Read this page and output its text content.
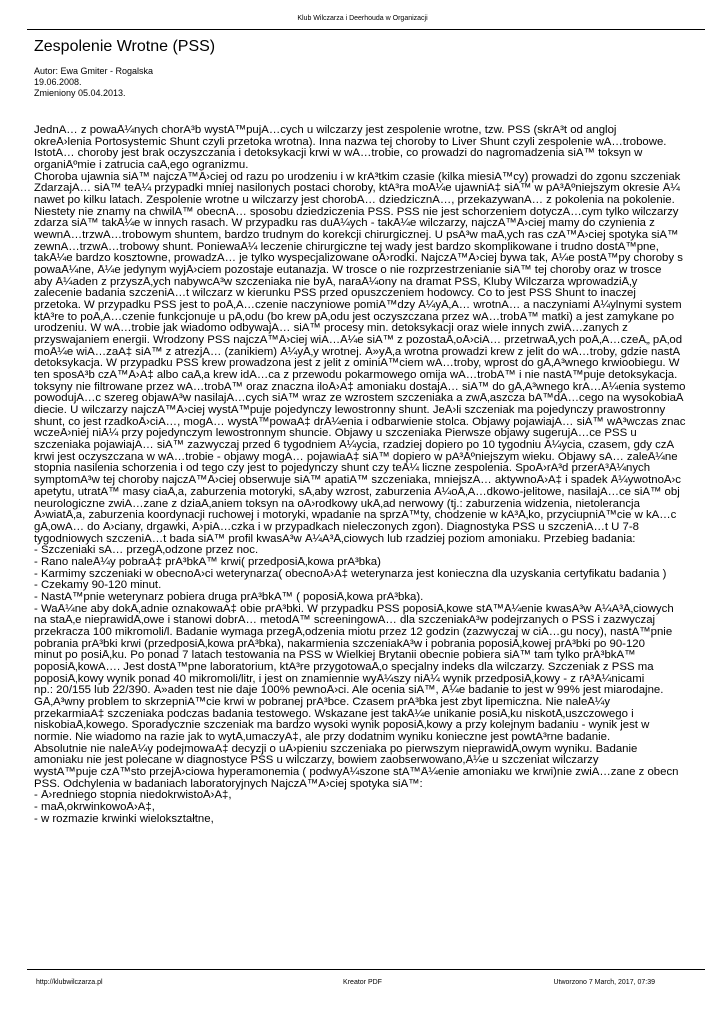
Klub Wilczarza i Deerhouda w Organizacji
Zespolenie Wrotne (PSS)
Autor: Ewa Gmiter - Rogalska
19.06.2008.
Zmieniony 05.04.2013.
JednÄ… z powaÅ¼nych chorÃ³b wystÄ™pujÄ…cych u wilczarzy jest zespolenie wrotne, tzw. PSS (skrÃ³t od angloj
okreÅ›lenia Portosystemic Shunt czyli przetoka wrotna). Inna nazwa tej choroby to Liver Shunt czyli zespolenie wÄ…trobowe.
IstotÄ… choroby jest brak oczyszczania i detoksykacji krwi w wÄ…trobie, co prowadzi do nagromadzenia siÄ™ toksyn w
organiÅºmie i zatrucia caÅ‚ego ogranizmu.
Choroba ujawnia siÄ™ najczÄ™Å›ciej od razu po urodzeniu i w krÃ³tkim czasie (kilka miesiÄ™cy) prowadzi do zgonu szczeniak
ZdarzajÄ… siÄ™ teÅ¼ przypadki mniej nasilonych postaci choroby, ktÃ³ra moÅ¼e ujawniÄ‡ siÄ™ w pÃ³Åºniejszym okresie Å¼
nawet po kilku latach. Zespolenie wrotne u wilczarzy jest chorobÄ… dziedzicznÄ…, przekazywanÄ… z pokolenia na pokolenie.
Niestety nie znamy na chwilÄ™ obecnÄ… sposobu dziedziczenia PSS. PSS nie jest schorzeniem dotyczÄ…cym tylko wilczarzy
zdarza siÄ™ takÅ¼e w innych rasach. W przypadku ras duÅ¼ych - takÅ¼e wilczarzy, najczÄ™Å›ciej mamy do czynienia z
wewnÄ…trzwÄ…trobowym shuntem, bardzo trudnym do korekcji chirurgicznej. U psÃ³w maÅ‚ych ras czÄ™Å›ciej spotyka siÄ™
zewnÄ…trzwÄ…trobowy shunt. PoniewaÅ¼ leczenie chirurgiczne tej wady jest bardzo skomplikowane i trudno dostÄ™pne,
takÅ¼e bardzo kosztowne, prowadzÄ… je tylko wyspecjalizowane oÅ›rodki. NajczÄ™Å›ciej bywa tak, Å¼e postÄ™py choroby s
powaÅ¼ne, Å¼e jedynym wyjÅ›ciem pozostaje eutanazja. W trosce o nie rozprzestrzenianie siÄ™ tej choroby oraz w trosce
aby Å¼aden z przyszÅ‚ych nabywcÃ³w szczeniaka nie byÅ‚ naraÅ¼ony na dramat PSS, Kluby Wilczarza wprowadziÅ‚y
zalecenie badania szczeniÄ…t wilczarz w kierunku PSS przed opuszczeniem hodowcy. Co to jest PSS Shunt to inaczej
przetoka. W przypadku PSS jest to poÅ‚Ä…czenie naczyniowe pomiÄ™dzy Å¼yÅ‚Ä… wrotnÄ… a naczyniami Å¼ylnymi system
ktÃ³re to poÅ‚Ä…czenie funkcjonuje u pÅ‚odu (bo krew pÅ‚odu jest oczyszczana przez wÄ…trobÄ™ matki) a jest zamykane po
urodzeniu. W wÄ…trobie jak wiadomo odbywajÄ… siÄ™ procesy min. detoksykacji oraz wiele innych zwiÄ…zanych z
przyswajaniem energii. Wrodzony PSS najczÄ™Å›ciej wiÄ…Å¼e siÄ™ z pozostaÅ‚oÅ›ciÄ… przetrwaÅ‚ych poÅ‚Ä…czeÅ„ pÅ‚od
moÅ¼e wiÄ…zaÄ‡ siÄ™ z atrezjÄ… (zanikiem) Å¼yÅ‚y wrotnej. Å»yÅ‚a wrotna prowadzi krew z jelit do wÄ…troby, gdzie nastÄ
detoksykacja. W przypadku PSS krew prowadzona jest z jelit z ominiÄ™ciem wÄ…troby, wprost do gÅ‚Ã³wnego krwioobiegu. W
ten sposÃ³b czÄ™Å›Ä‡ albo caÅ‚a krew idÄ…ca z przewodu pokarmowego omija wÄ…trobÄ™ i nie nastÄ™puje detoksykacja.
toksyny nie filtrowane przez wÄ…trobÄ™ oraz znaczna iloÅ›Ä‡ amoniaku dostajÄ… siÄ™ do gÅ‚Ã³wnego krÄ…Å¼enia systemo
powodujÄ…c szereg objawÃ³w nasilajÄ…cych siÄ™ wraz ze wzrostem szczeniaka a zwÅ‚aszcza bÄ™dÄ…cego na wysokobiaÅ
diecie. U wilczarzy najczÄ™Å›ciej wystÄ™puje pojedynczy lewostronny shunt. JeÅ›li szczeniak ma pojedynczy prawostronny
shunt, co jest rzadkoÅ›ciÄ…, mogÄ… wystÄ™powaÄ‡ drÅ¼enia i odbarwienie stolca. Objawy pojawiajÄ… siÄ™ wÃ³wczas znac
wczeÅ›niej niÅ¼ przy pojedynczym lewostronnym shuncie. Objawy u szczeniaka Pierwsze objawy sugerujÄ…ce PSS u
szczeniaka pojawiajÄ… siÄ™ zazwyczaj przed 6 tygodniem Å¼ycia, rzadziej dopiero po 10 tygodniu Å¼ycia, czasem, gdy czÄ
krwi jest oczyszczana w wÄ…trobie - objawy mogÄ… pojawiaÄ‡ siÄ™ dopiero w pÃ³Åºniejszym wieku. Objawy sÄ… zaleÅ¼ne
stopnia nasilenia schorzenia i od tego czy jest to pojedynczy shunt czy teÅ¼ liczne zespolenia. SpoÅ›rÃ³d przerÃ³Å¼nych
symptomÃ³w tej choroby najczÄ™Å›ciej obserwuje siÄ™ apatiÄ™ szczeniaka, mniejszÄ… aktywnoÅ›Ä‡ i spadek Å¼ywotnoÅ›c
apetytu, utratÄ™ masy ciaÅ‚a, zaburzenia motoryki, sÅ‚aby wzrost, zaburzenia Å¼oÅ‚Ä…dkowo-jelitowe, nasilajÄ…ce siÄ™ obj
neurologiczne zwiÄ…zane z dziaÅ‚aniem toksyn na oÅ›rodkowy ukÅ‚ad nerwowy (tj.: zaburzenia widzenia, nietolerancja
Å›wiatÅ‚a, zaburzenia koordynacji ruchowej i motoryki, wpadanie na sprzÄ™ty, chodzenie w kÃ³Å‚ko, przyciupniÄ™cie w kÄ…c
gÅ‚owÄ… do Å›ciany, drgawki, Å›piÄ…czka i w przypadkach nieleczonych zgon). Diagnostyka PSS u szczeniÄ…t U 7-8
tygodniowych szczeniÄ…t bada siÄ™ profil kwasÃ³w Å¼Ã³Å‚ciowych lub rzadziej poziom amoniaku. Przebieg badania:
- Szczeniaki sÄ… przegÅ‚odzone przez noc.
- Rano naleÅ¼y pobraÄ‡ prÃ³bkÄ™ krwi( przedposiÅ‚kowa prÃ³bka)
- Karmimy szczeniaki w obecnoÅ›ci weterynarza( obecnoÅ›Ä‡ weterynarza jest konieczna dla uzyskania certyfikatu badania )
- Czekamy 90-120 minut.
- NastÄ™pnie weterynarz pobiera druga prÃ³bkÄ™ ( poposiÅ‚kowa prÃ³bka).
- WaÅ¼ne aby dokÅ‚adnie oznakowaÄ‡ obie prÃ³bki. W przypadku PSS poposiÅ‚kowe stÄ™Å¼enie kwasÃ³w Å¼Ã³Å‚ciowych
na staÅ‚e nieprawidÅ‚owe i stanowi dobrÄ… metodÄ™ screeningowÄ… dla szczeniakÃ³w podejrzanych o PSS i zazwyczaj
przekracza 100 mikromoli/l. Badanie wymaga przegÅ‚odzenia miotu przez 12 godzin (zazwyczaj w ciÄ…gu nocy), nastÄ™pnie
pobrania prÃ³bki krwi (przedposiÅ‚kowa prÃ³bka), nakarmienia szczeniakÃ³w i pobrania poposiÅ‚kowej prÃ³bki po 90-120
minut po posiÅ‚ku. Po ponad 7 latach testowania na PSS w Wielkiej Brytanii obecnie pobiera siÄ™ tam tylko prÃ³bkÄ™
poposiÅ‚kowÄ…. Jest dostÄ™pne laboratorium, ktÃ³re przygotowaÅ‚o specjalny indeks dla wilczarzy. Szczeniak z PSS ma
poposiÅ‚kowy wynik ponad 40 mikromoli/litr, i jest on znamiennie wyÅ¼szy niÅ¼ wynik przedposiÅ‚kowy - z rÃ³Å¼nicami
np.: 20/155 lub 22/390. Å»aden test nie daje 100% pewnoÅ›ci. Ale ocenia siÄ™, Å¼e badanie to jest w 99% jest miarodajne.
GÅ‚Ã³wny problem to skrzepniÄ™cie krwi w pobranej prÃ³bce. Czasem prÃ³bka jest zbyt lipemiczna. Nie naleÅ¼y
przekarmiaÄ‡ szczeniaka podczas badania testowego. Wskazane jest takÅ¼e unikanie posiÅ‚ku niskotÅ‚uszczowego i
niskobiaÅ‚kowego. Sporadycznie szczeniak ma bardzo wysoki wynik poposiÅ‚kowy a przy kolejnym badaniu - wynik jest w
normie. Nie wiadomo na razie jak to wytÅ‚umaczyÄ‡, ale przy dodatnim wyniku konieczne jest powtÃ³rne badanie.
Absolutnie nie naleÅ¼y podejmowaÄ‡ decyzji o uÅ›pieniu szczeniaka po pierwszym nieprawidÅ‚owym wyniku. Badanie
amoniaku nie jest polecane w diagnostyce PSS u wilczarzy, bowiem zaobserwowano,Å¼e u szczeniat wilczarzy
wystÄ™puje czÄ™sto przejÅ›ciowa hyperamonemia ( podwyÅ¼szone stÄ™Å¼enie amoniaku we krwi)nie zwiÄ…zane z obecn
PSS. Odchylenia w badaniach laboratoryjnych NajczÄ™Å›ciej spotyka siÄ™:
- Å›redniego stopnia niedokrwistoÅ›Ä‡,
- maÅ‚okrwinkowoÅ›Ä‡,
- w rozmazie krwinki wielokształtne,
http://klubwilczarza.pl	Kreator PDF	Utworzono 7 March, 2017, 07:39
